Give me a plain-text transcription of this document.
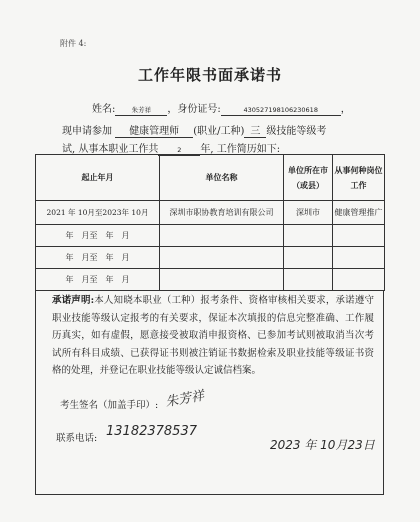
附件 4:
工作年限书面承诺书
姓名:	朱芳祥 ，身份证号:	430527198106230618 ，
现申请参加 健康管理师 (职业/工种) 三 级技能等级考
试, 从事本职业工作共	2 年, 工作简历如下:
起止年月	单位名称	单位所在市（或县）	从事何种岗位工作
2021 年 10月至2023年 10月	深圳市职协教育培训有限公司	深圳市	健康管理推广
年　月至　年　月			
年　月至　年　月			
年　月至　年　月			
承诺声明:本人知晓本职业（工种）报考条件、资格审核相关要求，承诺遵守职业技能等级认定报考的有关要求，保证本次填报的信息完整准确、工作履历真实，如有虚假，愿意接受被取消申报资格、已参加考试则被取消当次考试所有科目成绩、已获得证书则被注销证书数据检索及职业技能等级证书资格的处理，并登记在职业技能等级认定诚信档案。
考生签名（加盖手印）: 朱芳祥
联系电话: 13182378537
2023 年 10月23日
